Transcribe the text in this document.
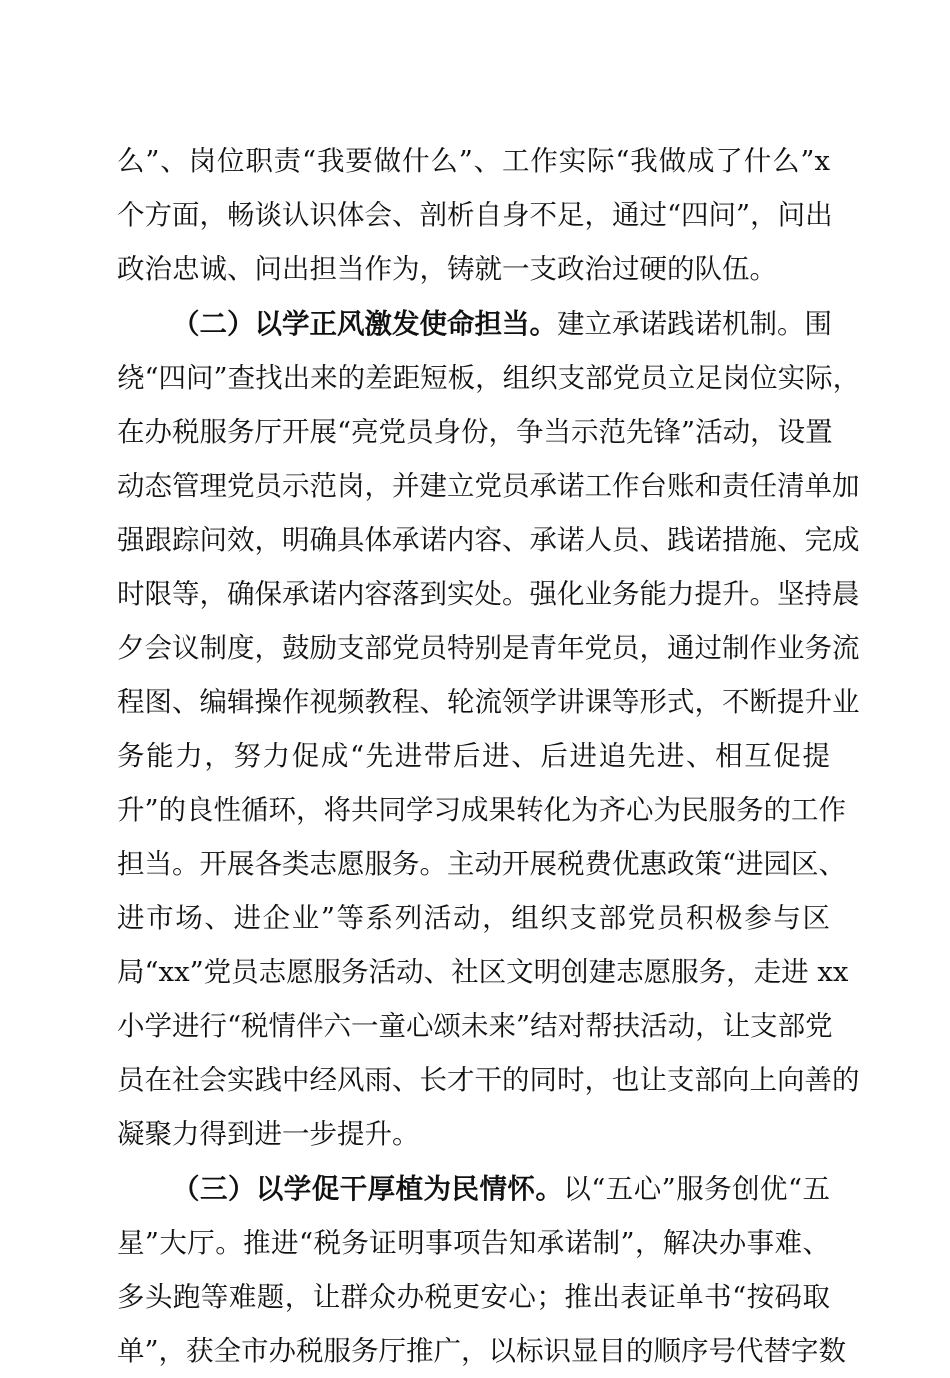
么”、岗位职责“我要做什么”、工作实际“我做成了什么”x
个方面，畅谈认识体会、剖析自身不足，通过“四问”，问出
政治忠诚、问出担当作为，铸就一支政治过硬的队伍。
（二）以学正风激发使命担当。建立承诺践诺机制。围
绕“四问”查找出来的差距短板，组织支部党员立足岗位实际，
在办税服务厅开展“亮党员身份，争当示范先锋”活动，设置
动态管理党员示范岗，并建立党员承诺工作台账和责任清单加
强跟踪问效，明确具体承诺内容、承诺人员、践诺措施、完成
时限等，确保承诺内容落到实处。强化业务能力提升。坚持晨
夕会议制度，鼓励支部党员特别是青年党员，通过制作业务流
程图、编辑操作视频教程、轮流领学讲课等形式，不断提升业
务能力，努力促成“先进带后进、后进追先进、相互促提
升”的良性循环，将共同学习成果转化为齐心为民服务的工作
担当。开展各类志愿服务。主动开展税费优惠政策“进园区、
进市场、进企业”等系列活动，组织支部党员积极参与区
局“xx”党员志愿服务活动、社区文明创建志愿服务，走进 xx
小学进行“税情伴六一童心颂未来”结对帮扶活动，让支部党
员在社会实践中经风雨、长才干的同时，也让支部向上向善的
凝聚力得到进一步提升。
（三）以学促干厚植为民情怀。以“五心”服务创优“五
星”大厅。推进“税务证明事项告知承诺制”，解决办事难、
多头跑等难题，让群众办税更安心；推出表证单书“按码取
单”，获全市办税服务厅推广，以标识显目的顺序号代替字数
